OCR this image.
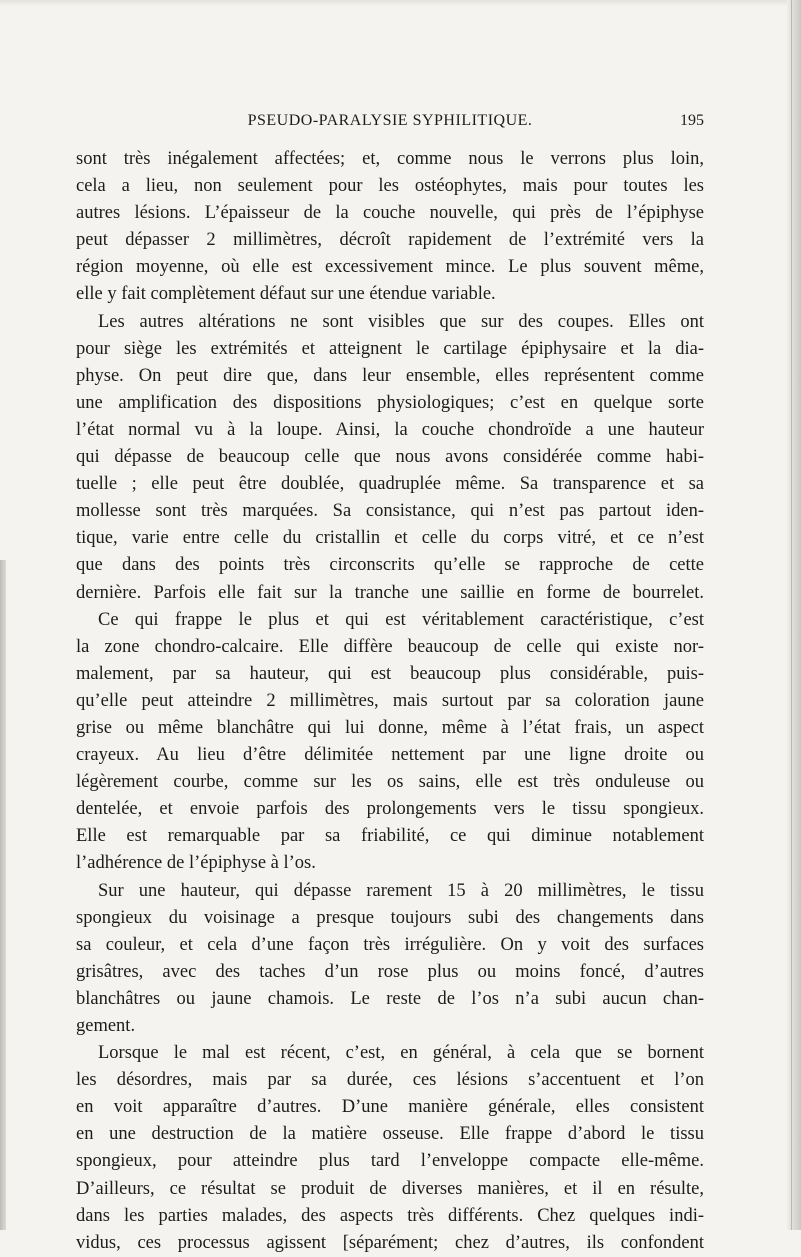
PSEUDO-PARALYSIE SYPHILITIQUE.	195
sont très inégalement affectées; et, comme nous le verrons plus loin,
cela a lieu, non seulement pour les ostéophytes, mais pour toutes les
autres lésions. L’épaisseur de la couche nouvelle, qui près de l’épiphyse
peut dépasser 2 millimètres, décroît rapidement de l’extrémité vers la
région moyenne, où elle est excessivement mince. Le plus souvent même,
elle y fait complètement défaut sur une étendue variable.
Les autres altérations ne sont visibles que sur des coupes. Elles ont
pour siège les extrémités et atteignent le cartilage épiphysaire et la dia-
physe. On peut dire que, dans leur ensemble, elles représentent comme
une amplification des dispositions physiologiques; c’est en quelque sorte
l’état normal vu à la loupe. Ainsi, la couche chondroïde a une hauteur
qui dépasse de beaucoup celle que nous avons considérée comme habi-
tuelle ; elle peut être doublée, quadruplée même. Sa transparence et sa
mollesse sont très marquées. Sa consistance, qui n’est pas partout iden-
tique, varie entre celle du cristallin et celle du corps vitré, et ce n’est
que dans des points très circonscrits qu’elle se rapproche de cette
dernière. Parfois elle fait sur la tranche une saillie en forme de bourrelet.
Ce qui frappe le plus et qui est véritablement caractéristique, c’est
la zone chondro-calcaire. Elle diffère beaucoup de celle qui existe nor-
malement, par sa hauteur, qui est beaucoup plus considérable, puis-
qu’elle peut atteindre 2 millimètres, mais surtout par sa coloration jaune
grise ou même blanchâtre qui lui donne, même à l’état frais, un aspect
crayeux. Au lieu d’être délimitée nettement par une ligne droite ou
légèrement courbe, comme sur les os sains, elle est très onduleuse ou
dentelée, et envoie parfois des prolongements vers le tissu spongieux.
Elle est remarquable par sa friabilité, ce qui diminue notablement
l’adhérence de l’épiphyse à l’os.
Sur une hauteur, qui dépasse rarement 15 à 20 millimètres, le tissu
spongieux du voisinage a presque toujours subi des changements dans
sa couleur, et cela d’une façon très irrégulière. On y voit des surfaces
grisâtres, avec des taches d’un rose plus ou moins foncé, d’autres
blanchâtres ou jaune chamois. Le reste de l’os n’a subi aucun chan-
gement.
Lorsque le mal est récent, c’est, en général, à cela que se bornent
les désordres, mais par sa durée, ces lésions s’accentuent et l’on
en voit apparaître d’autres. D’une manière générale, elles consistent
en une destruction de la matière osseuse. Elle frappe d’abord le tissu
spongieux, pour atteindre plus tard l’enveloppe compacte elle-même.
D’ailleurs, ce résultat se produit de diverses manières, et il en résulte,
dans les parties malades, des aspects très différents. Chez quelques indi-
vidus, ces processus agissent [séparément; chez d’autres, ils confondent
